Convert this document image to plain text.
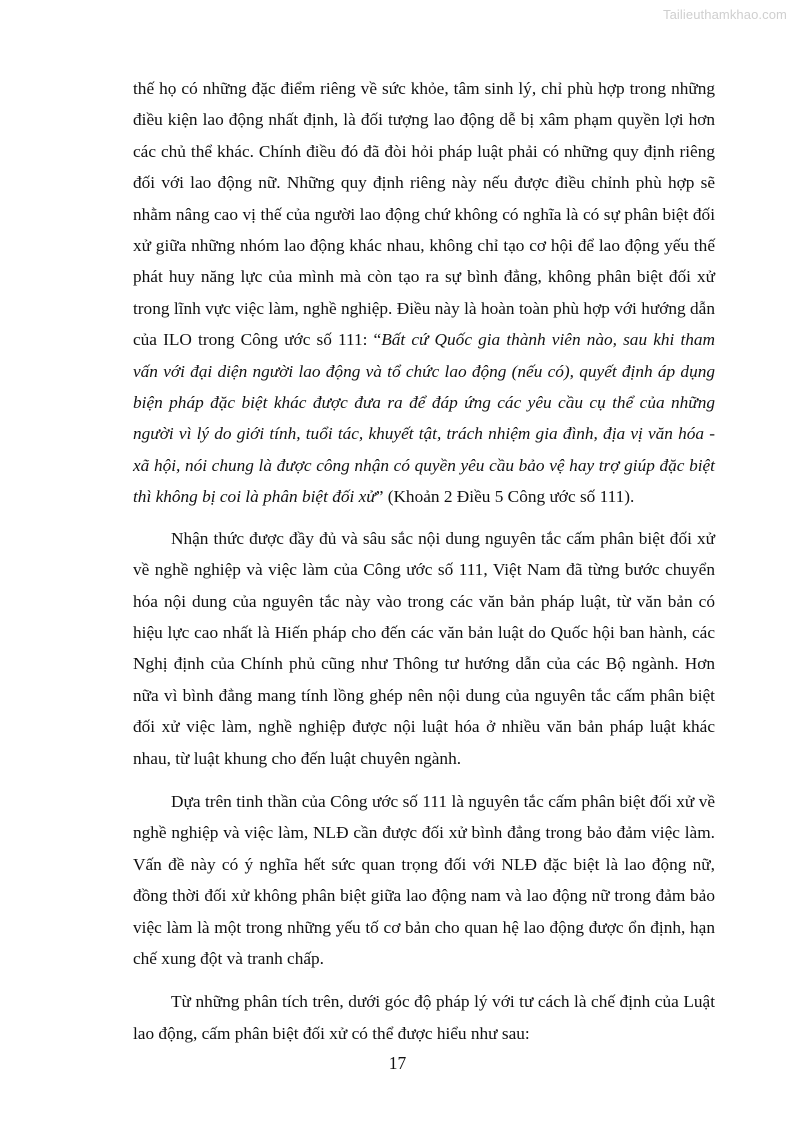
Tailieuthamkhao.com

thế họ có những đặc điểm riêng về sức khỏe, tâm sinh lý, chỉ phù hợp trong những điều kiện lao động nhất định, là đối tượng lao động dễ bị xâm phạm quyền lợi hơn các chủ thể khác. Chính điều đó đã đòi hỏi pháp luật phải có những quy định riêng đối với lao động nữ. Những quy định riêng này nếu được điều chỉnh phù hợp sẽ nhằm nâng cao vị thế của người lao động chứ không có nghĩa là có sự phân biệt đối xử giữa những nhóm lao động khác nhau, không chỉ tạo cơ hội để lao động yếu thế phát huy năng lực của mình mà còn tạo ra sự bình đẳng, không phân biệt đối xử trong lĩnh vực việc làm, nghề nghiệp. Điều này là hoàn toàn phù hợp với hướng dẫn của ILO trong Công ước số 111: “Bất cứ Quốc gia thành viên nào, sau khi tham vấn với đại diện người lao động và tổ chức lao động (nếu có), quyết định áp dụng biện pháp đặc biệt khác được đưa ra để đáp ứng các yêu cầu cụ thể của những người vì lý do giới tính, tuổi tác, khuyết tật, trách nhiệm gia đình, địa vị văn hóa - xã hội, nói chung là được công nhận có quyền yêu cầu bảo vệ hay trợ giúp đặc biệt thì không bị coi là phân biệt đối xử” (Khoản 2 Điều 5 Công ước số 111).

Nhận thức được đầy đủ và sâu sắc nội dung nguyên tắc cấm phân biệt đối xử về nghề nghiệp và việc làm của Công ước số 111, Việt Nam đã từng bước chuyển hóa nội dung của nguyên tắc này vào trong các văn bản pháp luật, từ văn bản có hiệu lực cao nhất là Hiến pháp cho đến các văn bản luật do Quốc hội ban hành, các Nghị định của Chính phủ cũng như Thông tư hướng dẫn của các Bộ ngành. Hơn nữa vì bình đẳng mang tính lồng ghép nên nội dung của nguyên tắc cấm phân biệt đối xử việc làm, nghề nghiệp được nội luật hóa ở nhiều văn bản pháp luật khác nhau, từ luật khung cho đến luật chuyên ngành.

Dựa trên tinh thần của Công ước số 111 là nguyên tắc cấm phân biệt đối xử về nghề nghiệp và việc làm, NLĐ cần được đối xử bình đẳng trong bảo đảm việc làm. Vấn đề này có ý nghĩa hết sức quan trọng đối với NLĐ đặc biệt là lao động nữ, đồng thời đối xử không phân biệt giữa lao động nam và lao động nữ trong đảm bảo việc làm là một trong những yếu tố cơ bản cho quan hệ lao động được ổn định, hạn chế xung đột và tranh chấp.

Từ những phân tích trên, dưới góc độ pháp lý với tư cách là chế định của Luật lao động, cấm phân biệt đối xử có thể được hiểu như sau:

17
